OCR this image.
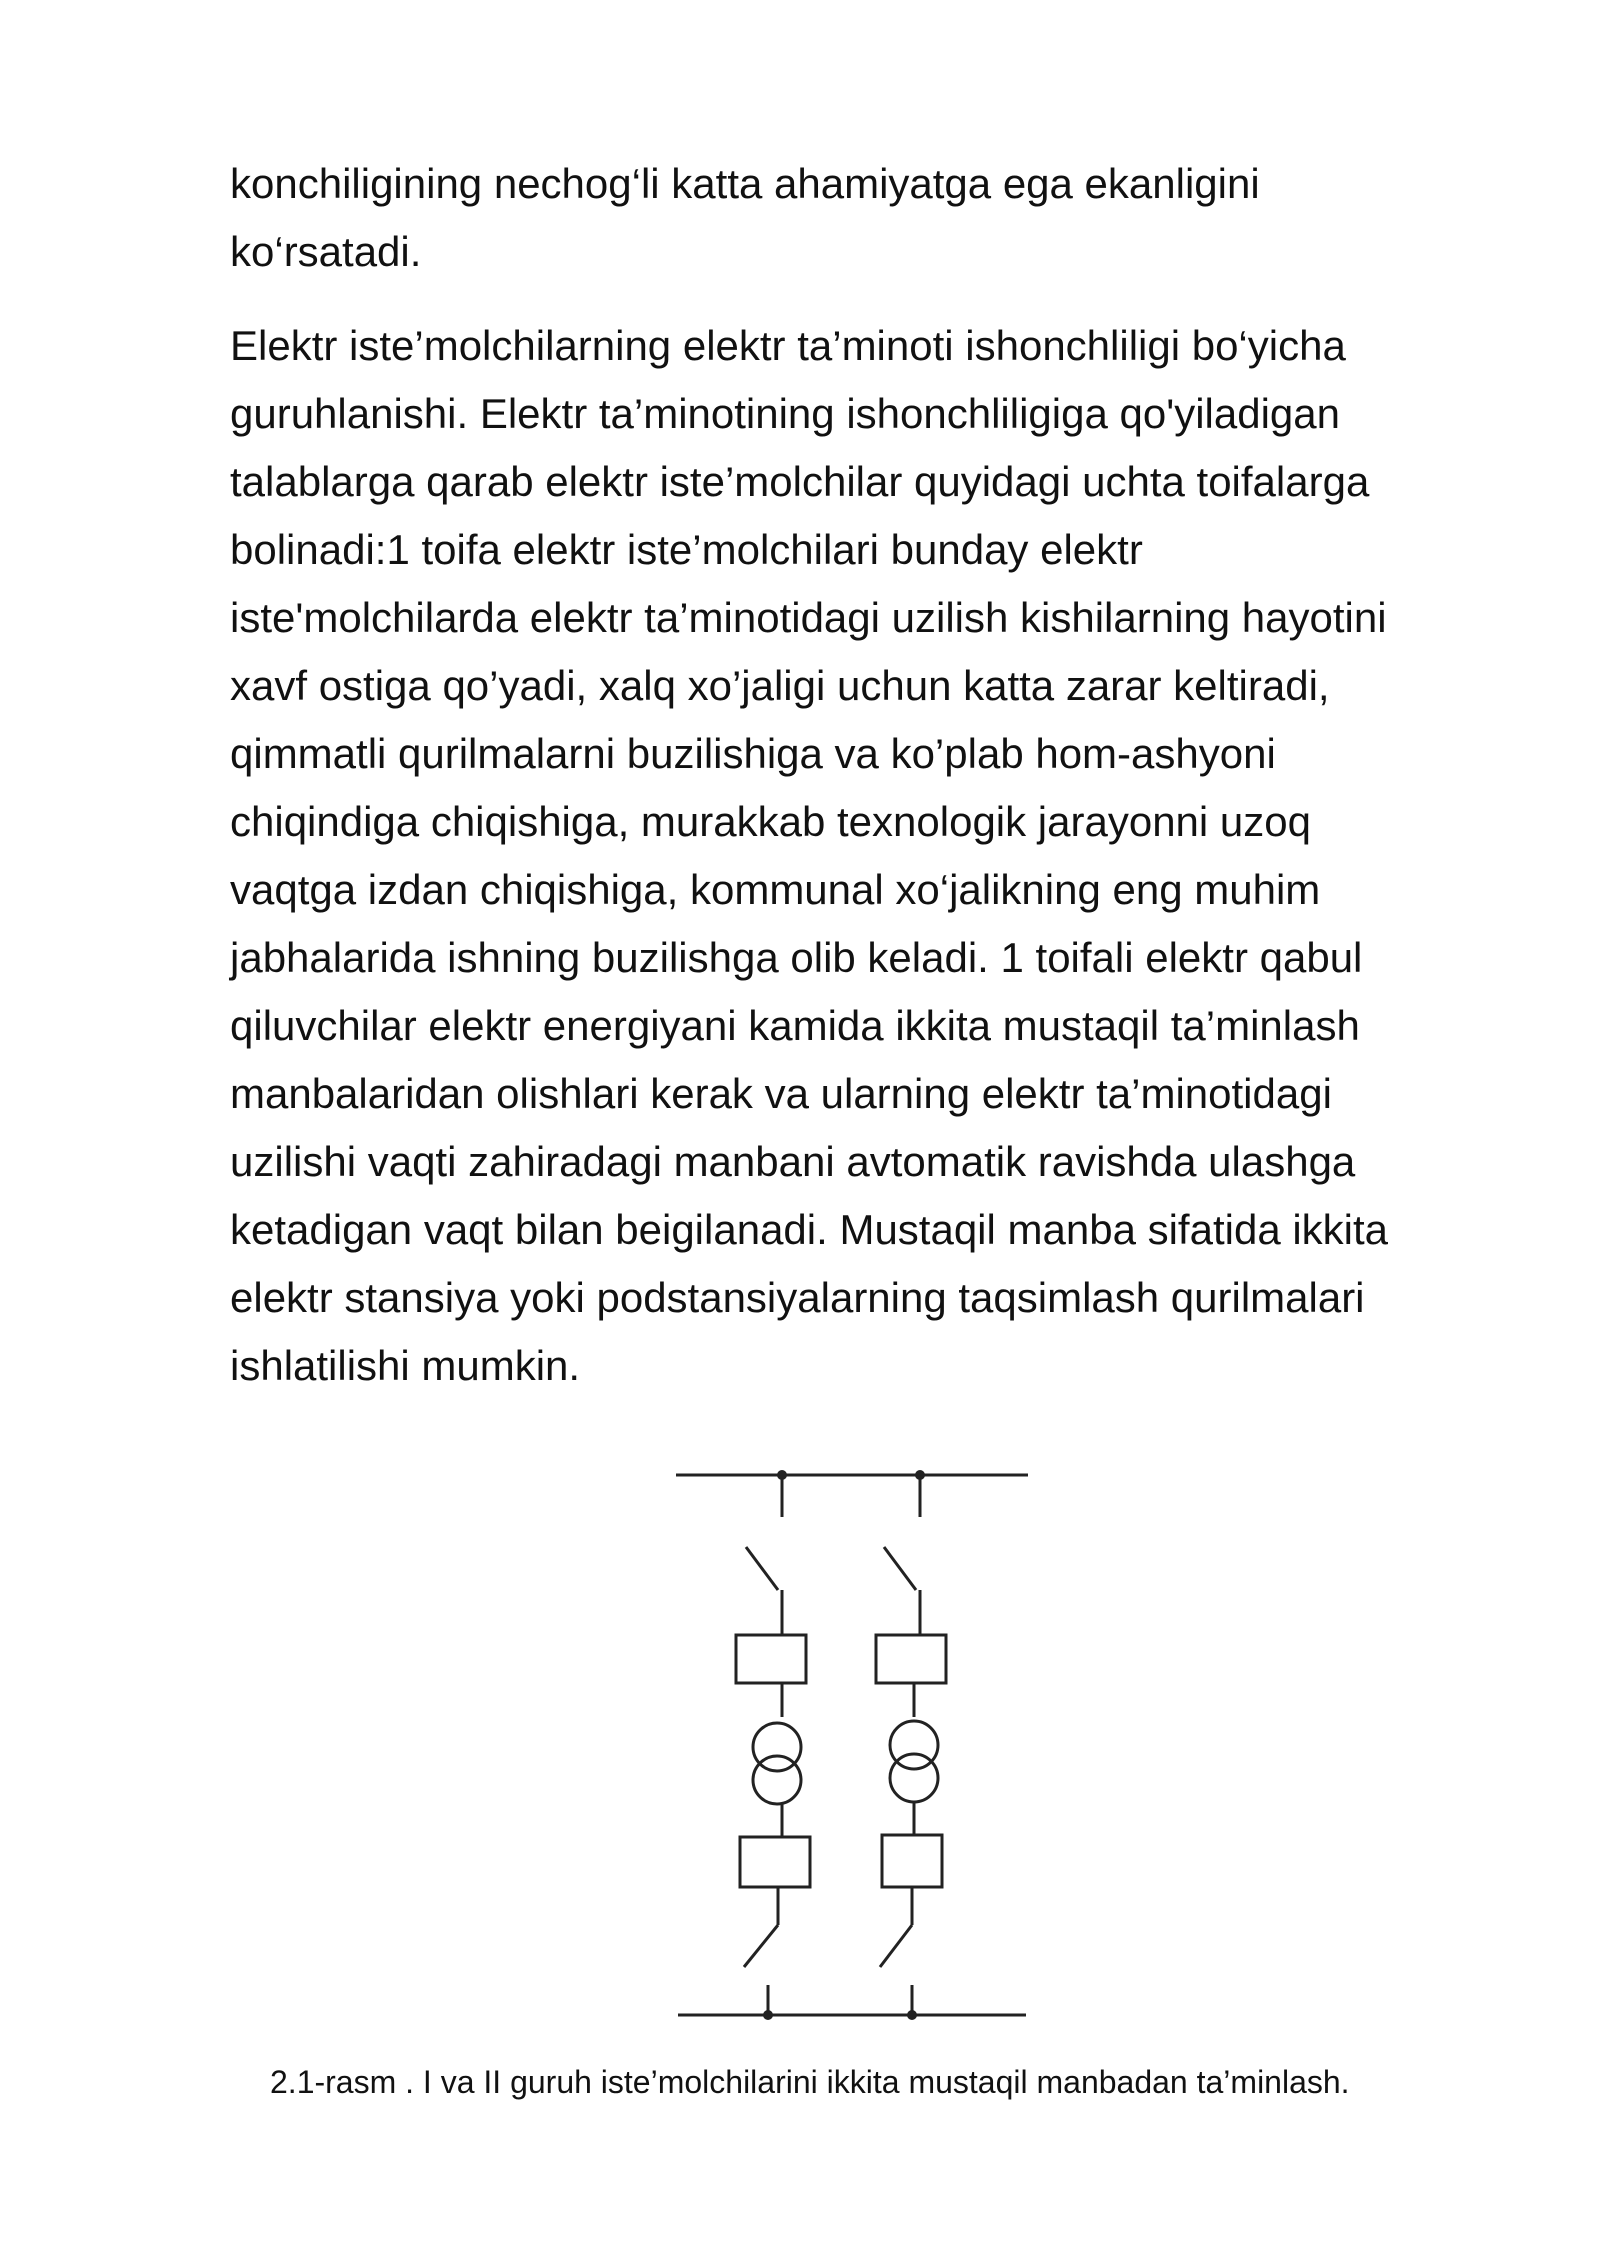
konchiligining nechog‘li katta ahamiyatga ega ekanligini
ko‘rsatadi.

Elektr iste’molchilarning elektr ta’minoti ishonchliligi bo‘yicha
guruhlanishi. Elektr ta’minotining ishonchliligiga qo'yiladigan
talablarga qarab elektr iste’molchilar quyidagi uchta toifalarga
bolinadi:1 toifa elektr iste’molchilari bunday elektr
iste'molchilarda elektr ta’minotidagi uzilish kishilarning hayotini
xavf ostiga qo’yadi, xalq xo’jaligi uchun katta zarar keltiradi,
qimmatli qurilmalarni buzilishiga va ko’plab hom-ashyoni
chiqindiga chiqishiga, murakkab texnologik jarayonni uzoq
vaqtga izdan chiqishiga, kommunal xo‘jalikning eng muhim
jabhalarida ishning buzilishga olib keladi. 1 toifali elektr qabul
qiluvchilar elektr energiyani kamida ikkita mustaqil ta’minlash
manbalaridan olishlari kerak va ularning elektr ta’minotidagi
uzilishi vaqti zahiradagi manbani avtomatik ravishda ulashga
ketadigan vaqt bilan beigilanadi. Mustaqil manba sifatida ikkita
elektr stansiya yoki podstansiyalarning taqsimlash qurilmalari
ishlatilishi mumkin.

2.1-rasm . I va II guruh iste’molchilarini ikkita mustaqil manbadan ta’minlash.
